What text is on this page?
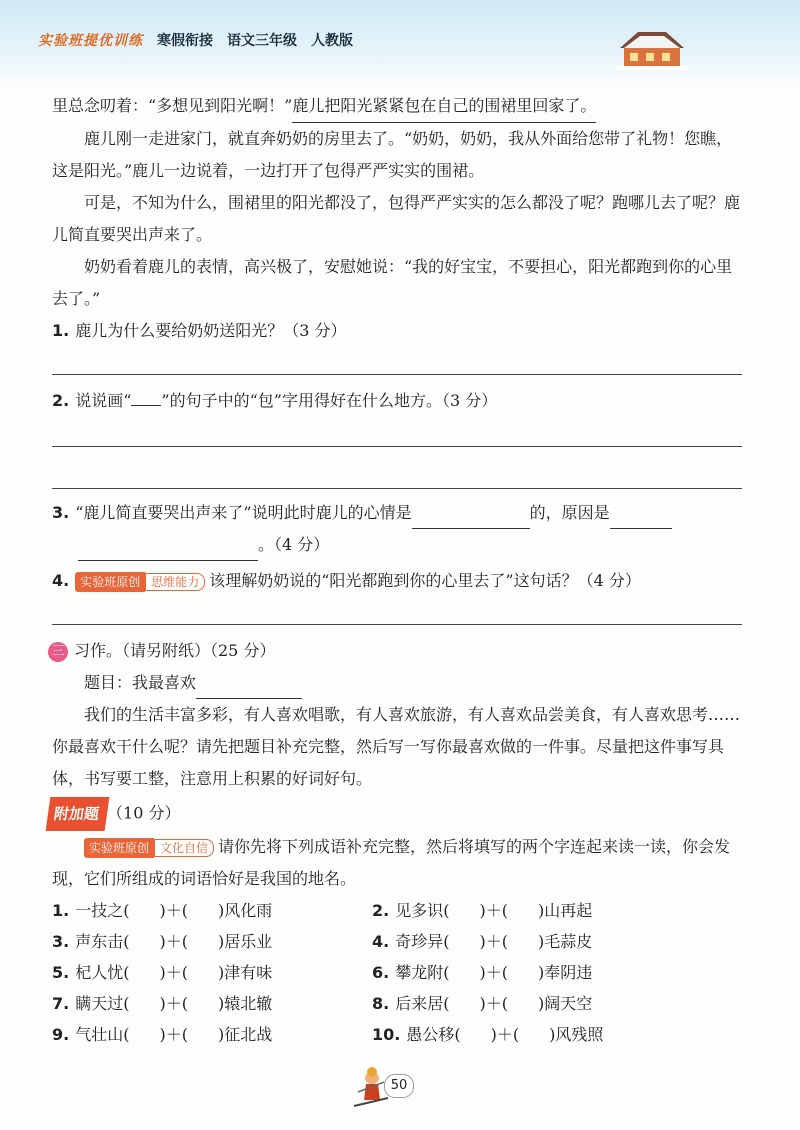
实验班提优训练 寒假衔接 语文三年级 人教版

里总念叨着：“多想见到阳光啊！”鹿儿把阳光紧紧包在自己的围裙里回家了。

鹿儿刚一走进家门，就直奔奶奶的房里去了。“奶奶，奶奶，我从外面给您带了礼物！您瞧，这是阳光。”鹿儿一边说着，一边打开了包得严严实实的围裙。

可是，不知为什么，围裙里的阳光都没了，包得严严实实的怎么都没了呢？跑哪儿去了呢？鹿儿简直要哭出声来了。

奶奶看着鹿儿的表情，高兴极了，安慰她说：“我的好宝宝，不要担心，阳光都跑到你的心里去了。”

1. 鹿儿为什么要给奶奶送阳光？（3 分）
2. 说说画“ ”的句子中的“包”字用得好在什么地方。（3 分）
3. “鹿儿简直要哭出声来了”说明此时鹿儿的心情是	的，原因是
。（4 分）
4. 实验班原创 思维能力 该理解奶奶说的“阳光都跑到你的心里去了”这句话？（4 分）
三 习作。（请另附纸）（25 分）
题目：我最喜欢

我们的生活丰富多彩，有人喜欢唱歌，有人喜欢旅游，有人喜欢品尝美食，有人喜欢思考……你最喜欢干什么呢？请先把题目补充完整，然后写一写你最喜欢做的一件事。尽量把这件事写具体，书写要工整，注意用上积累的好词好句。

附加题 （10 分）

实验班原创 文化自信 请你先将下列成语补充完整，然后将填写的两个字连起来读一读，你会发现，它们所组成的词语恰好是我国的地名。

1. 一技之( )＋( )风化雨	2. 见多识( )＋( )山再起
3. 声东击( )＋( )居乐业	4. 奇珍异( )＋( )毛蒜皮
5. 杞人忧( )＋( )津有味	6. 攀龙附( )＋( )奉阴违
7. 瞒天过( )＋( )辕北辙	8. 后来居( )＋( )阔天空
9. 气壮山( )＋( )征北战	10. 愚公移( )＋( )风残照
50
